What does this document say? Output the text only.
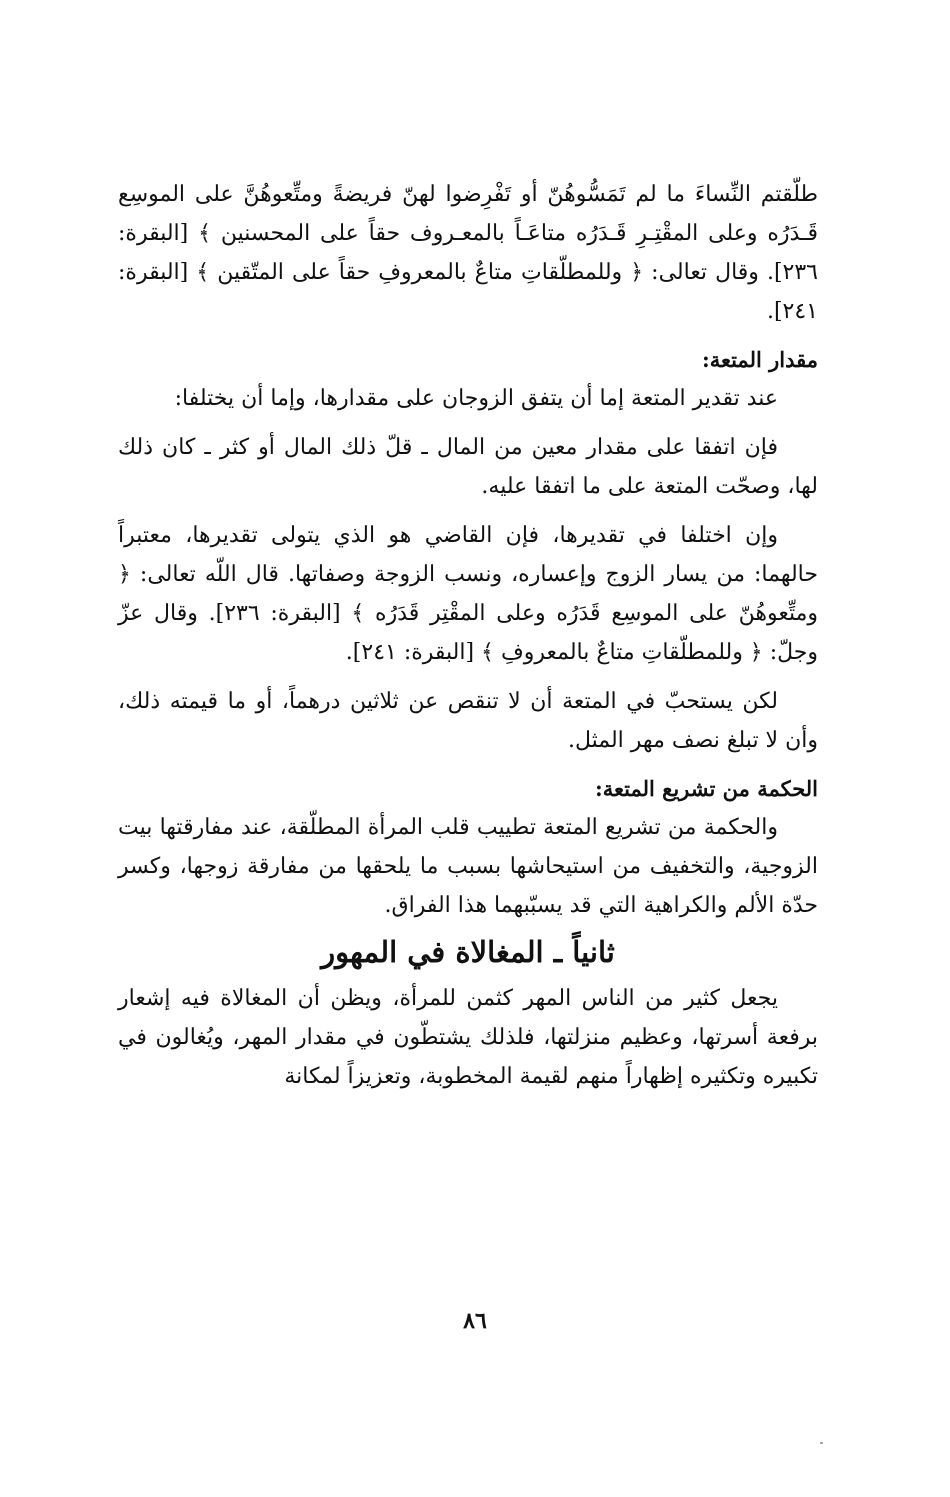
طلّقتم النِّساءَ ما لم تَمَسُّوهُنّ أو تَفْرِضوا لهنّ فريضةً ومتِّعوهُنَّ على الموسِع قَـدَرُه وعلى المقْتِـرِ قَـدَرُه متاعَـاً بالمعـروف حقاً على المحسنين ﴾ [البقرة: ٢٣٦]. وقال تعالى: ﴿ وللمطلّقاتِ متاعٌ بالمعروفِ حقاً على المتّقين ﴾ [البقرة: ٢٤١].

مقدار المتعة:

عند تقدير المتعة إما أن يتفق الزوجان على مقدارها، وإما أن يختلفا:

فإن اتفقا على مقدار معين من المال ـ قلّ ذلك المال أو كثر ـ كان ذلك لها، وصحّت المتعة على ما اتفقا عليه.

وإن اختلفا في تقديرها، فإن القاضي هو الذي يتولى تقديرها، معتبراً حالهما: من يسار الزوج وإعساره، ونسب الزوجة وصفاتها. قال اللّه تعالى: ﴿ ومتِّعوهُنّ على الموسِع قَدَرُه وعلى المقْتِر قَدَرُه ﴾ [البقرة: ٢٣٦]. وقال عزّ وجلّ: ﴿ وللمطلّقاتِ متاعٌ بالمعروفِ ﴾ [البقرة: ٢٤١].

لكن يستحبّ في المتعة أن لا تنقص عن ثلاثين درهماً، أو ما قيمته ذلك، وأن لا تبلغ نصف مهر المثل.

الحكمة من تشريع المتعة:

والحكمة من تشريع المتعة تطييب قلب المرأة المطلّقة، عند مفارقتها بيت الزوجية، والتخفيف من استيحاشها بسبب ما يلحقها من مفارقة زوجها، وكسر حدّة الألم والكراهية التي قد يسبّبهما هذا الفراق.

ثانياً ـ المغالاة في المهور

يجعل كثير من الناس المهر كثمن للمرأة، ويظن أن المغالاة فيه إشعار برفعة أسرتها، وعظيم منزلتها، فلذلك يشتطّون في مقدار المهر، ويُغالون في تكبيره وتكثيره إظهاراً منهم لقيمة المخطوبة، وتعزيزاً لمكانة

٨٦
